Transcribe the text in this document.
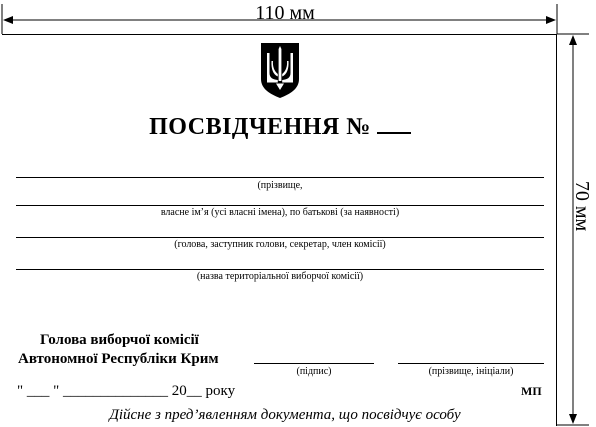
110 мм
70 мм
ПОСВІДЧЕННЯ №
(прізвище,
власне ім’я (усі власні імена), по батькові (за наявності)
(голова, заступник голови, секретар, член комісії)
(назва територіальної виборчої комісії)
Голова виборчої комісії
Автономної Республіки Крим
(підпис)	(прізвище, ініціали)
" ___ " ______________ 20__ року	МП
Дійсне з пред’явленням документа, що посвідчує особу
